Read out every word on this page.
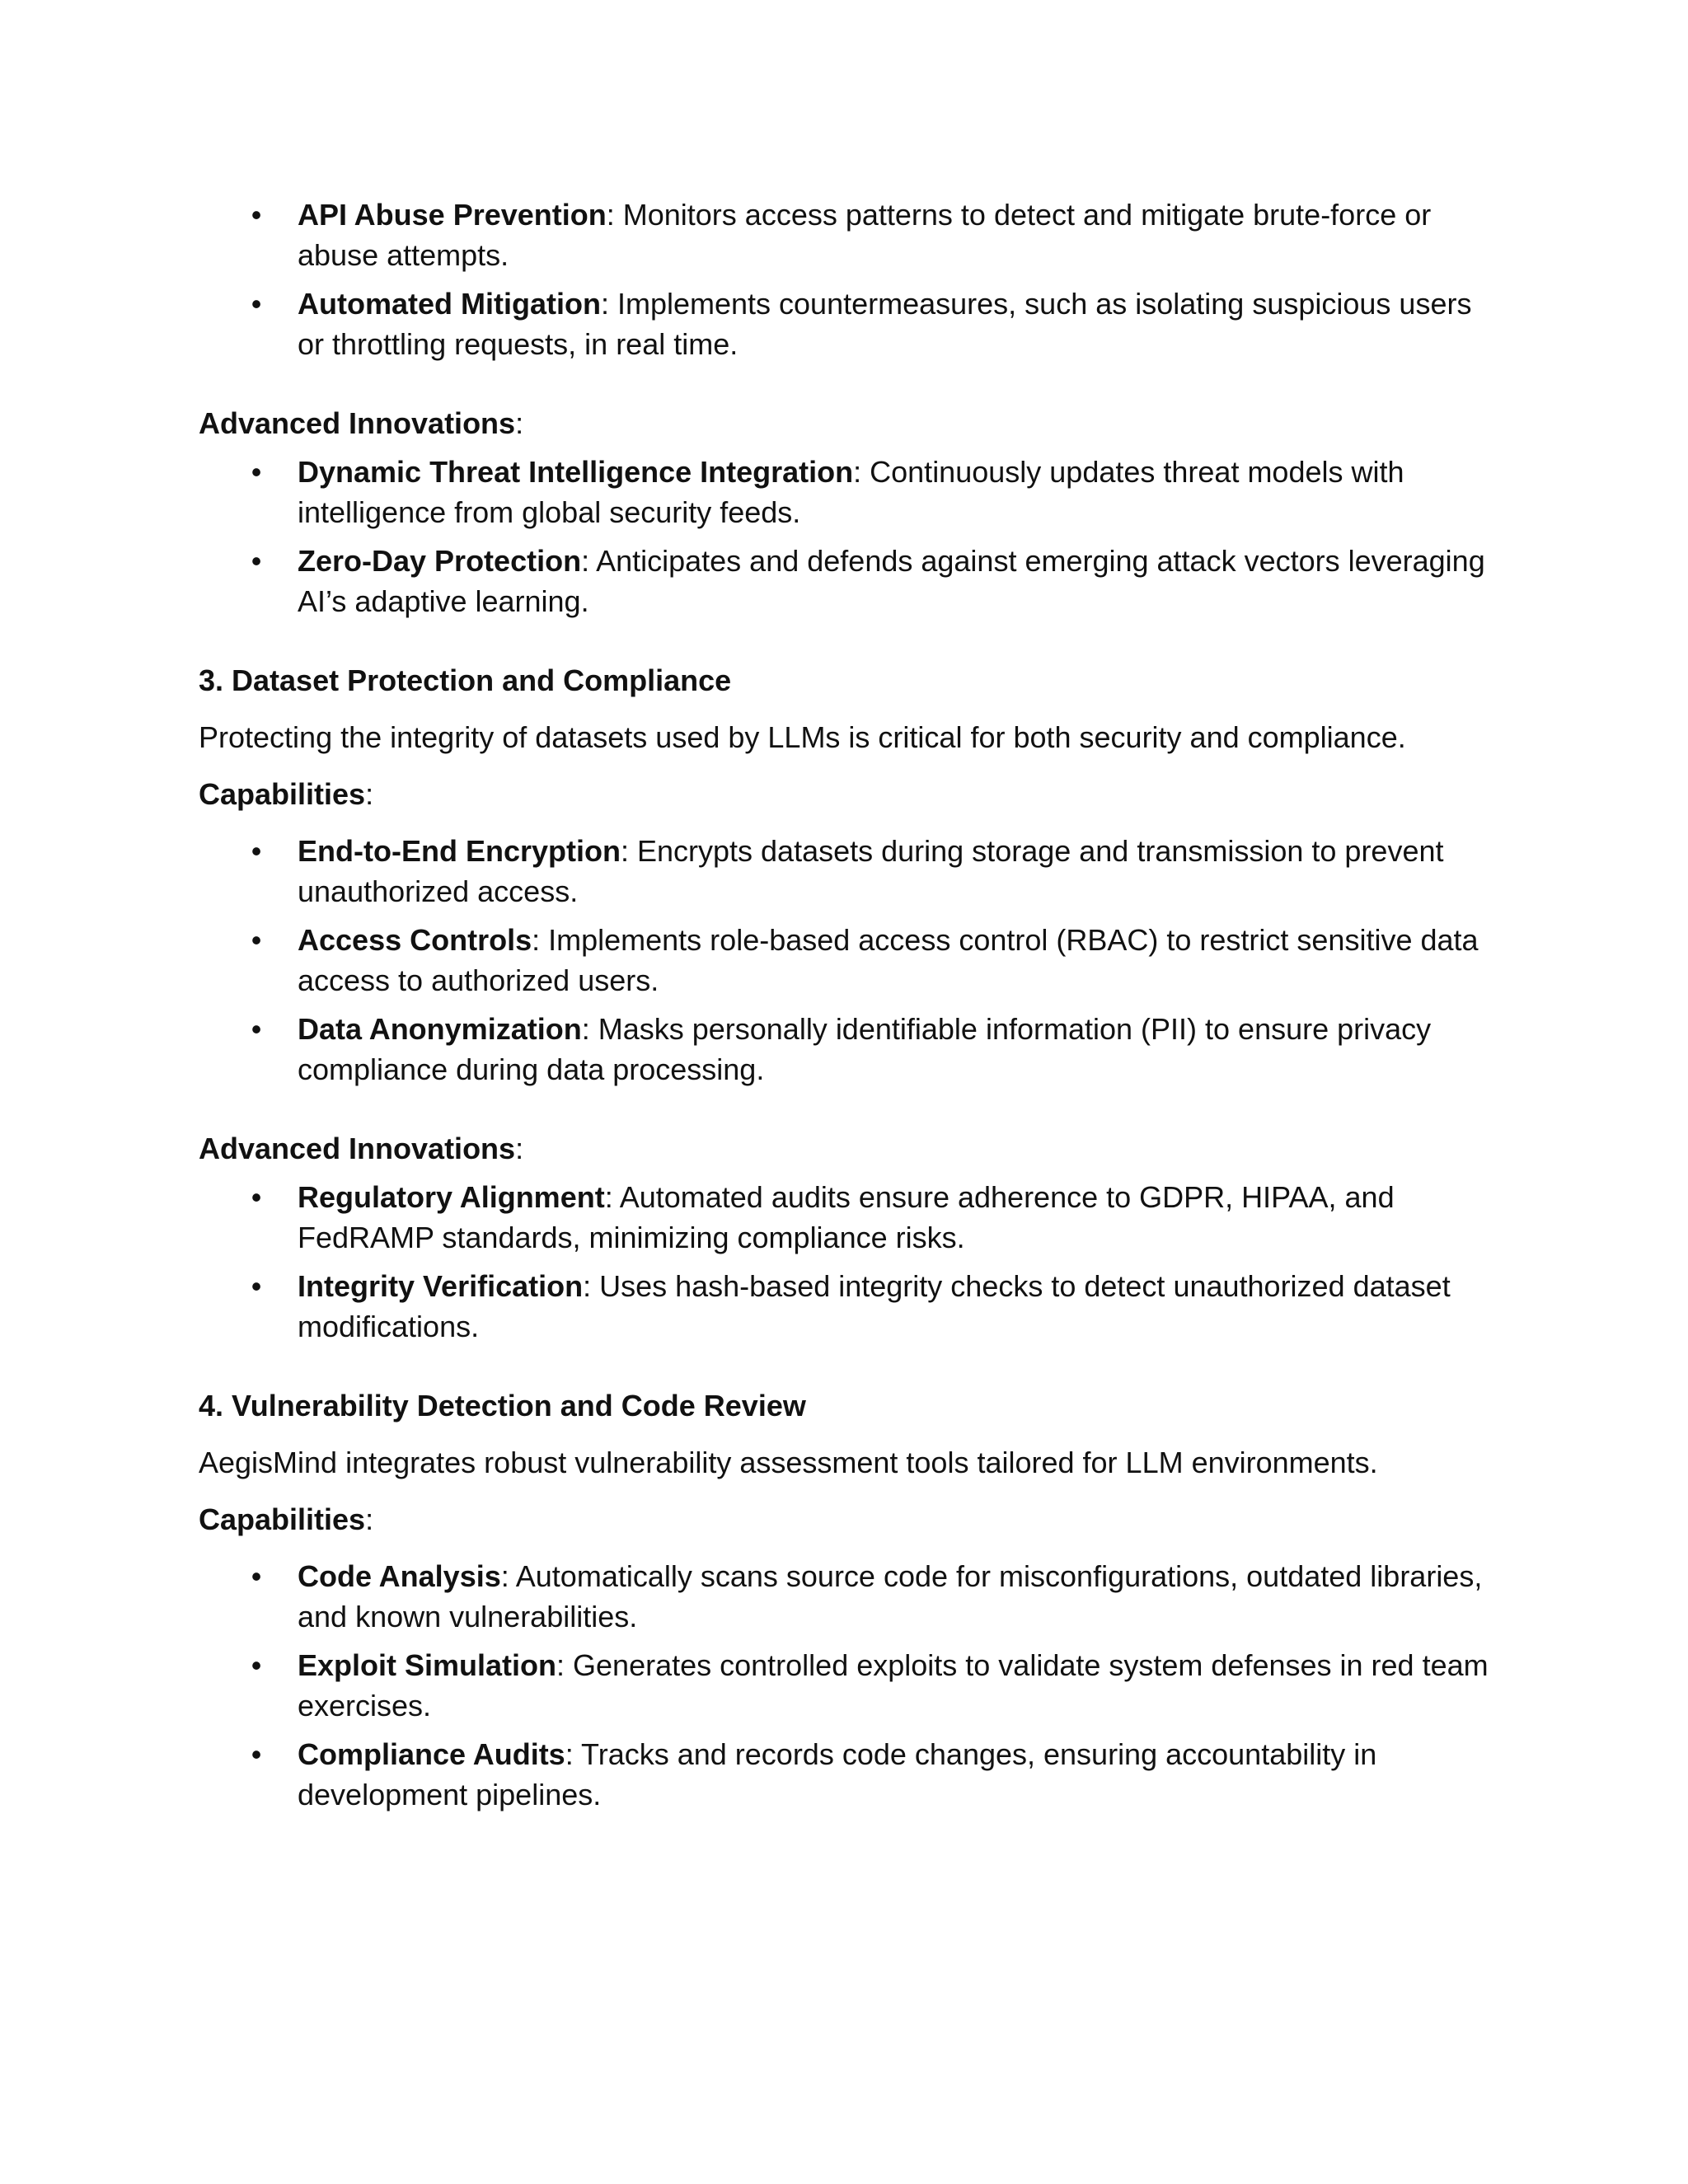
• API Abuse Prevention: Monitors access patterns to detect and mitigate brute-force or abuse attempts.
• Automated Mitigation: Implements countermeasures, such as isolating suspicious users or throttling requests, in real time.

Advanced Innovations:

• Dynamic Threat Intelligence Integration: Continuously updates threat models with intelligence from global security feeds.
• Zero-Day Protection: Anticipates and defends against emerging attack vectors leveraging AI’s adaptive learning.

3. Dataset Protection and Compliance

Protecting the integrity of datasets used by LLMs is critical for both security and compliance.

Capabilities:

• End-to-End Encryption: Encrypts datasets during storage and transmission to prevent unauthorized access.
• Access Controls: Implements role-based access control (RBAC) to restrict sensitive data access to authorized users.
• Data Anonymization: Masks personally identifiable information (PII) to ensure privacy compliance during data processing.

Advanced Innovations:

• Regulatory Alignment: Automated audits ensure adherence to GDPR, HIPAA, and FedRAMP standards, minimizing compliance risks.
• Integrity Verification: Uses hash-based integrity checks to detect unauthorized dataset modifications.

4. Vulnerability Detection and Code Review

AegisMind integrates robust vulnerability assessment tools tailored for LLM environments.

Capabilities:

• Code Analysis: Automatically scans source code for misconfigurations, outdated libraries, and known vulnerabilities.
• Exploit Simulation: Generates controlled exploits to validate system defenses in red team exercises.
• Compliance Audits: Tracks and records code changes, ensuring accountability in development pipelines.
